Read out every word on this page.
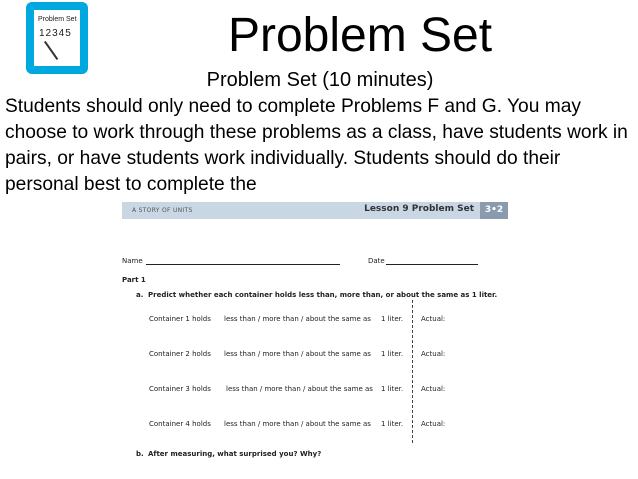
Problem Set
12345	Problem Set
Problem Set (10 minutes)
Students should only need to complete Problems F and G. You may choose to work through these problems as a class, have students work in pairs, or have students work individually. Students should do their personal best to complete the
A STORY OF UNITS	Lesson 9 Problem Set	3•2
Name	Date
Part 1
a. Predict whether each container holds less than, more than, or about the same as 1 liter.
Container 1 holds less than / more than / about the same as 1 liter.	Actual:
Container 2 holds less than / more than / about the same as 1 liter.	Actual:
Container 3 holds less than / more than / about the same as 1 liter.	Actual:
Container 4 holds less than / more than / about the same as 1 liter.	Actual:
b. After measuring, what surprised you? Why?
